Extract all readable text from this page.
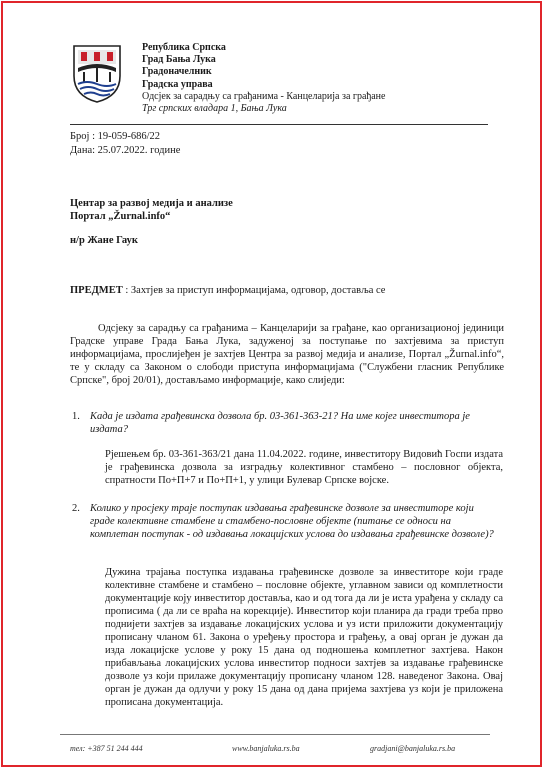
Република Српска
Град Бања Лука
Градоначелник
Градска управа
Одсјек за сарадњу са грађанима - Канцеларија за грађане
Трг српских владара 1, Бања Лука
Број : 19-059-686/22
Дана: 25.07.2022. године
Центар за развој медија и анализе
Портал „Žurnal.info“
н/р Жане Гаук
ПРЕДМЕТ : Захтјев за приступ информацијама, одговор, доставља се

Одсјеку за сарадњу са грађанима – Канцеларији за грађане, као организационој јединици Градске управе Града Бања Лука, задуженој за поступање по захтјевима за приступ информацијама, прослијеђен је захтјев Центра за развој медија и анализе, Портал „Žurnal.info“, те у складу са Законом о слободи приступа информацијама ("Службени гласник Републике Српске", број 20/01), достављамо информације, како слиједи:

1. Када је издата грађевинска дозвола бр. 03-361-363-21? На име којег инвеститора је издата?

Рјешењем бр. 03-361-363/21 дана 11.04.2022. године, инвеститору Видовић Госпи издата је грађевинска дозвола за изградњу колективног стамбено – пословног објекта, спратности По+П+7 и По+П+1, у улици Булевар Српске војске.

2. Колико у просјеку траје поступак издавања грађевинске дозволе за инвеститоре који граде колективне стамбене и стамбено-пословне објекте (питање се односи на комплетан поступак - од издавања локацијских услова до издавања грађевинске дозволе)?

Дужина трајања поступка издавања грађевинске дозволе за инвеститоре који граде колективне стамбене и стамбено – пословне објекте, углавном зависи од комплетности документације коју инвеститор доставља, као и од тога да ли је иста урађена у складу са прописима ( да ли се враћа на корекције). Инвеститор који планира да гради треба прво поднијети захтјев за издавање локацијских услова и уз исти приложити документацију прописану чланом 61. Закона о уређењу простора и грађењу, а овај орган је дужан да изда локацијске услове у року 15 дана од подношења комплетног захтјева. Након прибављања локацијских услова инвеститор подноси захтјев за издавање грађевинске дозволе уз који прилаже документацију прописану чланом 128. наведеног Закона. Овај орган је дужан да одлучи у року 15 дана од дана пријема захтјева уз који је приложена прописана документација.

тел: +387 51 244 444	www.banjaluka.rs.ba	gradjani@banjaluka.rs.ba
